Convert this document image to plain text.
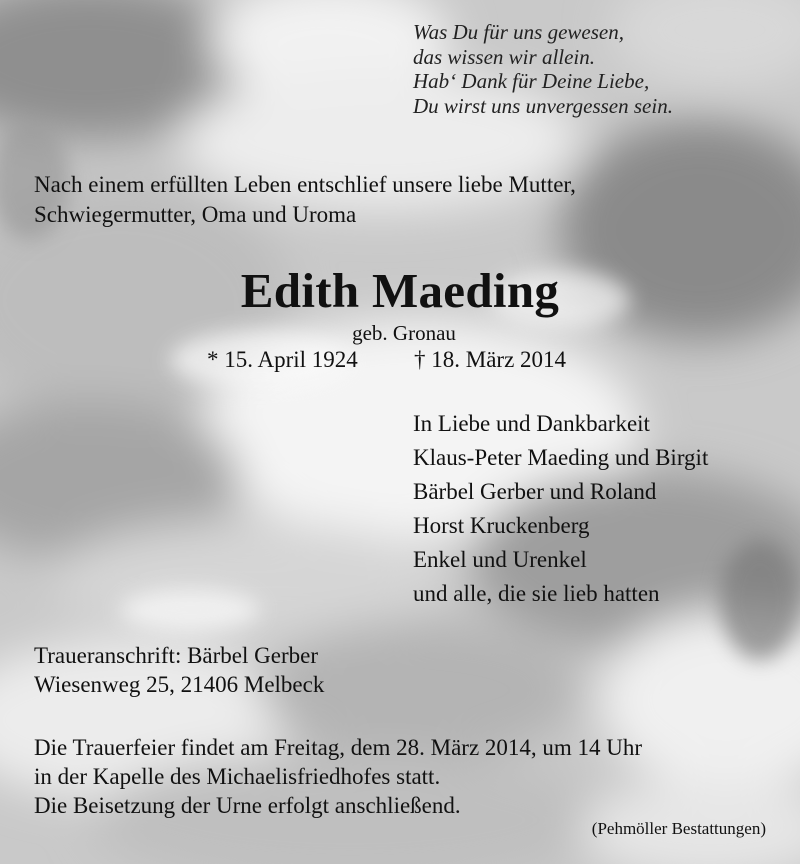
Was Du für uns gewesen,
das wissen wir allein.
Hab‘ Dank für Deine Liebe,
Du wirst uns unvergessen sein.
Nach einem erfüllten Leben entschlief unsere liebe Mutter,
Schwiegermutter, Oma und Uroma
Edith Maeding
geb. Gronau
* 15. April 1924 † 18. März 2014
In Liebe und Dankbarkeit
Klaus-Peter Maeding und Birgit
Bärbel Gerber und Roland
Horst Kruckenberg
Enkel und Urenkel
und alle, die sie lieb hatten
Traueranschrift: Bärbel Gerber
Wiesenweg 25, 21406 Melbeck
Die Trauerfeier findet am Freitag, dem 28. März 2014, um 14 Uhr
in der Kapelle des Michaelisfriedhofes statt.
Die Beisetzung der Urne erfolgt anschließend.
(Pehmöller Bestattungen)
